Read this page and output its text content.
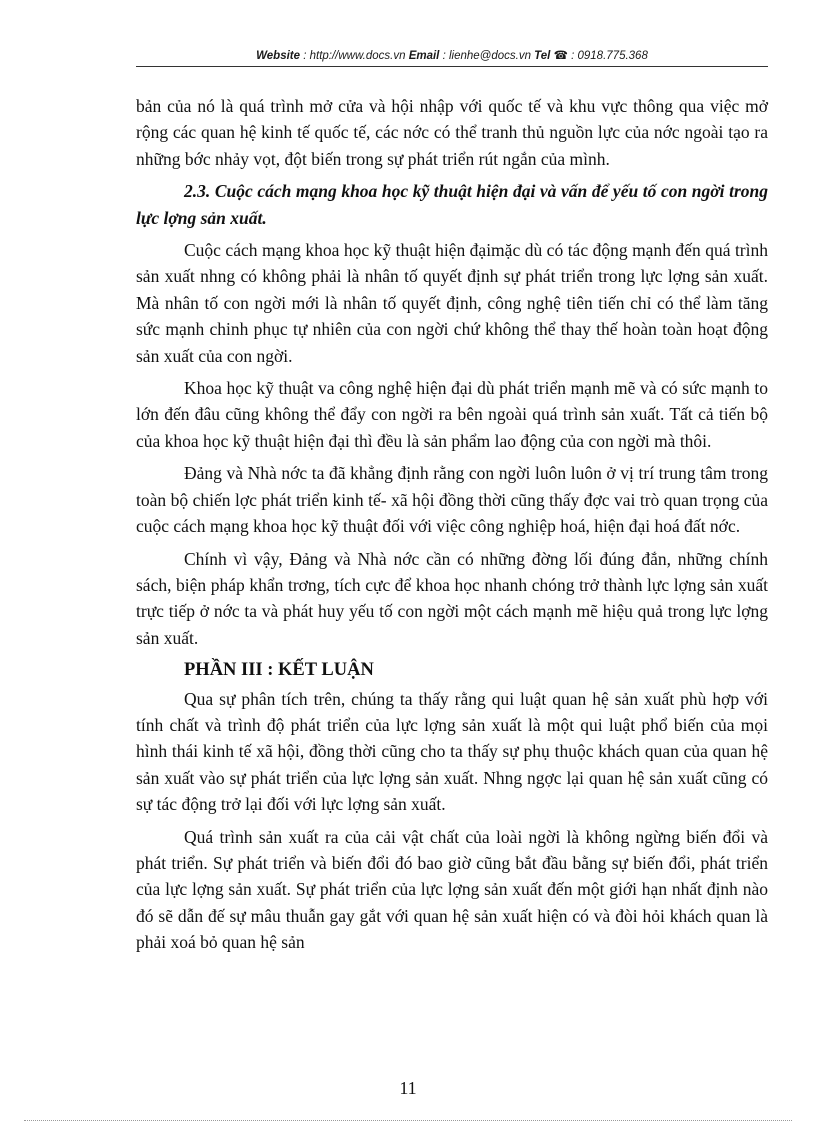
Website : http://www.docs.vn Email : lienhe@docs.vn Tel ☎ : 0918.775.368

bản của nó là quá trình mở cửa và hội nhập với quốc tế và khu vực thông qua việc mở rộng các quan hệ kinh tế quốc tế, các nớc có thể tranh thủ nguồn lực của nớc ngoài tạo ra những bớc nhảy vọt, đột biến trong sự phát triển rút ngắn của mình.

2.3. Cuộc cách mạng khoa học kỹ thuật hiện đại và vấn để yếu tố con ngời trong lực lợng sản xuất.

Cuộc cách mạng khoa học kỹ thuật hiện đạimặc dù có tác động mạnh đến quá trình sản xuất nhng có không phải là nhân tố quyết định sự phát triển trong lực lợng sản xuất. Mà nhân tố con ngời mới là nhân tố quyết định, công nghệ tiên tiến chỉ có thể làm tăng sức mạnh chinh phục tự nhiên của con ngời chứ không thể thay thế hoàn toàn hoạt động sản xuất của con ngời.

Khoa học kỹ thuật va công nghệ hiện đại dù phát triển mạnh mẽ và có sức mạnh to lớn đến đâu cũng không thể đẩy con ngời ra bên ngoài quá trình sản xuất. Tất cả tiến bộ của khoa học kỹ thuật hiện đại thì đều là sản phẩm lao động của con ngời mà thôi.

Đảng và Nhà nớc ta đã khẳng định rằng con ngời luôn luôn ở vị trí trung tâm trong toàn bộ chiến lợc phát triển kinh tế- xã hội đồng thời cũng thấy đợc vai trò quan trọng của cuộc cách mạng khoa học kỹ thuật đối với việc công nghiệp hoá, hiện đại hoá đất nớc.

Chính vì vậy, Đảng và Nhà nớc cần có những đờng lối đúng đắn, những chính sách, biện pháp khẩn trơng, tích cực để khoa học nhanh chóng trở thành lực lợng sản xuất trực tiếp ở nớc ta và phát huy yếu tố con ngời một cách mạnh mẽ hiệu quả trong lực lợng sản xuất.

PHẦN III : KẾT LUẬN

Qua sự phân tích trên, chúng ta thấy rằng qui luật quan hệ sản xuất phù hợp với tính chất và trình độ phát triển của lực lợng sản xuất là một qui luật phổ biến của mọi hình thái kinh tế xã hội, đồng thời cũng cho ta thấy sự phụ thuộc khách quan của quan hệ sản xuất vào sự phát triển của lực lợng sản xuất. Nhng ngợc lại quan hệ sản xuất cũng có sự tác động trở lại đối với lực lợng sản xuất.

Quá trình sản xuất ra của cải vật chất của loài ngời là không ngừng biến đổi và phát triển. Sự phát triển và biến đổi đó bao giờ cũng bắt đầu bằng sự biến đổi, phát triển của lực lợng sản xuất. Sự phát triển của lực lợng sản xuất đến một giới hạn nhất định nào đó sẽ dẫn đế sự mâu thuẫn gay gắt với quan hệ sản xuất hiện có và đòi hỏi khách quan là phải xoá bỏ quan hệ sản

11
